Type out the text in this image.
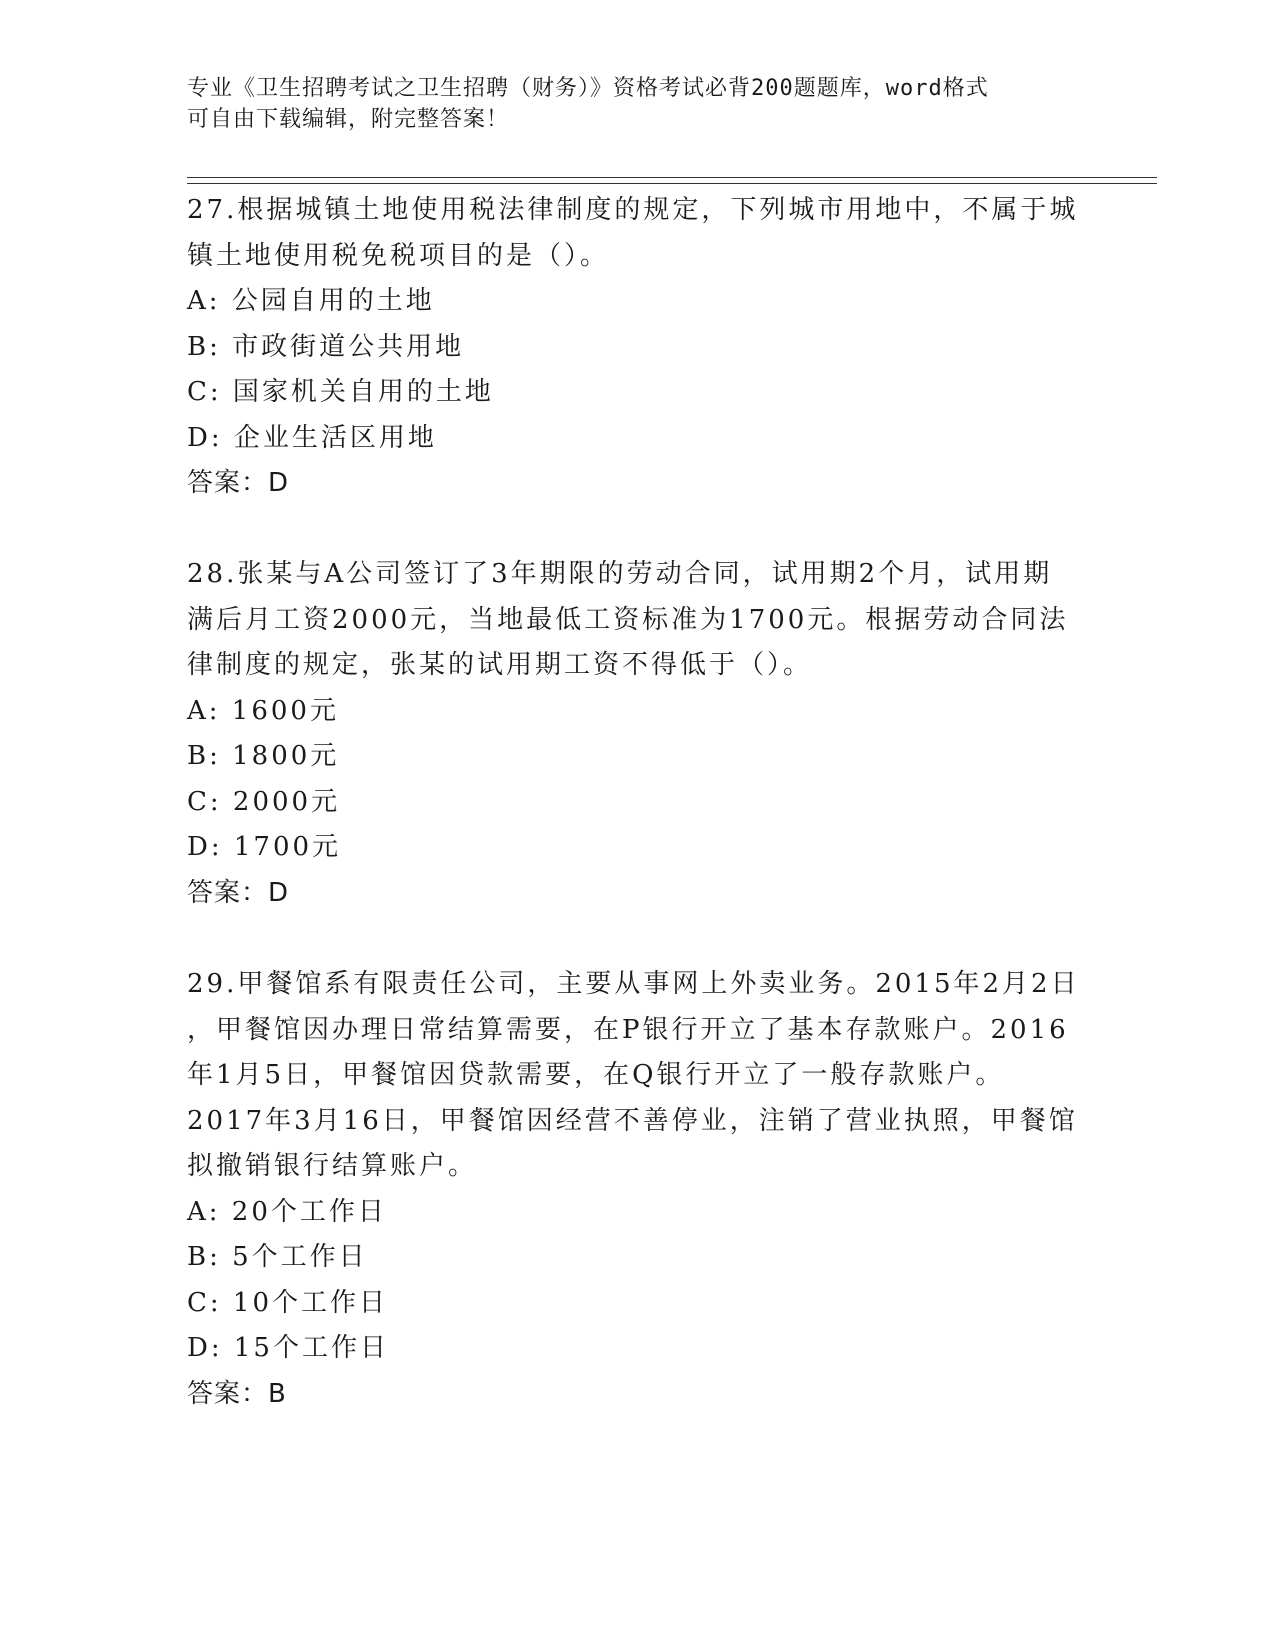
专业《卫生招聘考试之卫生招聘（财务）》资格考试必背200题题库，word格式
可自由下载编辑，附完整答案！
27.根据城镇土地使用税法律制度的规定，下列城市用地中，不属于城
镇土地使用税免税项目的是（）。
A: 公园自用的土地
B: 市政街道公共用地
C: 国家机关自用的土地
D: 企业生活区用地
答案：D
28.张某与A公司签订了3年期限的劳动合同，试用期2个月，试用期
满后月工资2000元，当地最低工资标准为1700元。根据劳动合同法
律制度的规定，张某的试用期工资不得低于（）。
A: 1600元
B: 1800元
C: 2000元
D: 1700元
答案：D
29.甲餐馆系有限责任公司，主要从事网上外卖业务。2015年2月2日
，甲餐馆因办理日常结算需要，在P银行开立了基本存款账户。2016
年1月5日，甲餐馆因贷款需要，在Q银行开立了一般存款账户。
2017年3月16日，甲餐馆因经营不善停业，注销了营业执照，甲餐馆
拟撤销银行结算账户。
A: 20个工作日
B: 5个工作日
C: 10个工作日
D: 15个工作日
答案：B
